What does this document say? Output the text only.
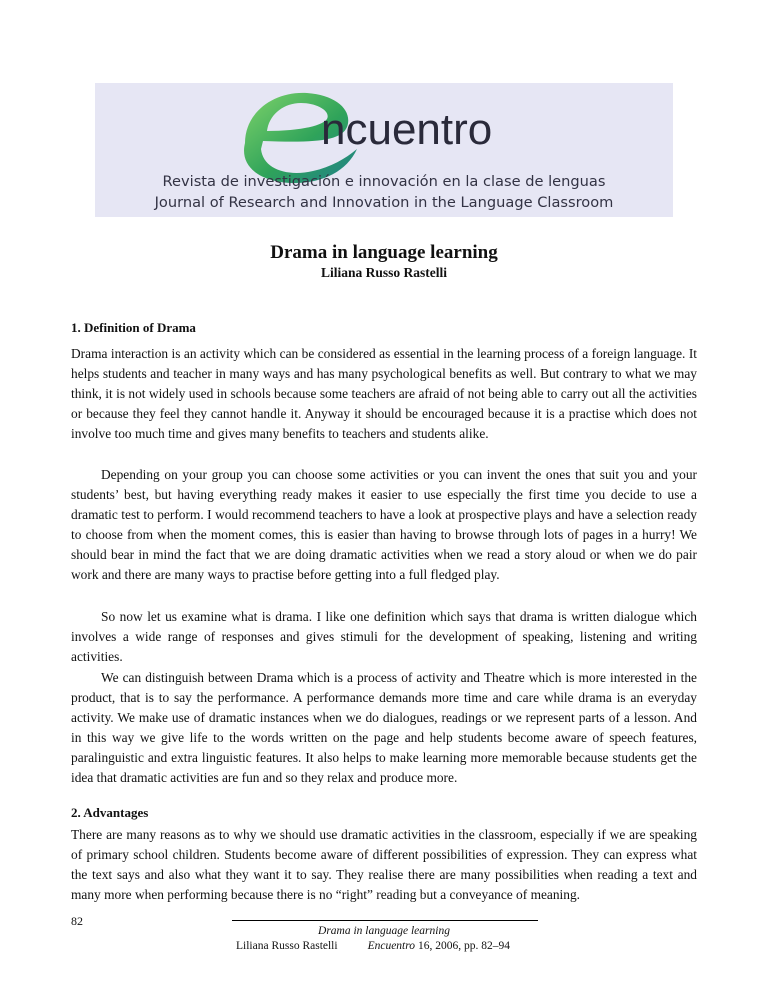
ncuentro
Revista de investigación e innovación en la clase de lenguas
Journal of Research and Innovation in the Language Classroom
Drama in language learning
Liliana Russo Rastelli
1. Definition of Drama

Drama interaction is an activity which can be considered as essential in the learning process of a foreign language. It helps students and teacher in many ways and has many psychological benefits as well. But contrary to what we may think, it is not widely used in schools because some teachers are afraid of not being able to carry out all the activities or because they feel they cannot handle it. Anyway it should be encouraged because it is a practise which does not involve too much time and gives many benefits to teachers and students alike.

Depending on your group you can choose some activities or you can invent the ones that suit you and your students’ best, but having everything ready makes it easier to use especially the first time you decide to use a dramatic test to perform. I would recommend teachers to have a look at prospective plays and have a selection ready to choose from when the moment comes, this is easier than having to browse through lots of pages in a hurry! We should bear in mind the fact that we are doing dramatic activities when we read a story aloud or when we do pair work and there are many ways to practise before getting into a full fledged play.

So now let us examine what is drama. I like one definition which says that drama is written dialogue which involves a wide range of responses and gives stimuli for the development of speaking, listening and writing activities.

We can distinguish between Drama which is a process of activity and Theatre which is more interested in the product, that is to say the performance. A performance demands more time and care while drama is an everyday activity. We make use of dramatic instances when we do dialogues, readings or we represent parts of a lesson. And in this way we give life to the words written on the page and help students become aware of speech features, paralinguistic and extra linguistic features. It also helps to make learning more memorable because students get the idea that dramatic activities are fun and so they relax and produce more.

2. Advantages

There are many reasons as to why we should use dramatic activities in the classroom, especially if we are speaking of primary school children. Students become aware of different possibilities of expression. They can express what the text says and also what they want it to say. They realise there are many possibilities when reading a text and many more when performing because there is no “right” reading but a conveyance of meaning.

82
Drama in language learning
Liliana Russo Rastelli	Encuentro 16, 2006, pp. 82–94
